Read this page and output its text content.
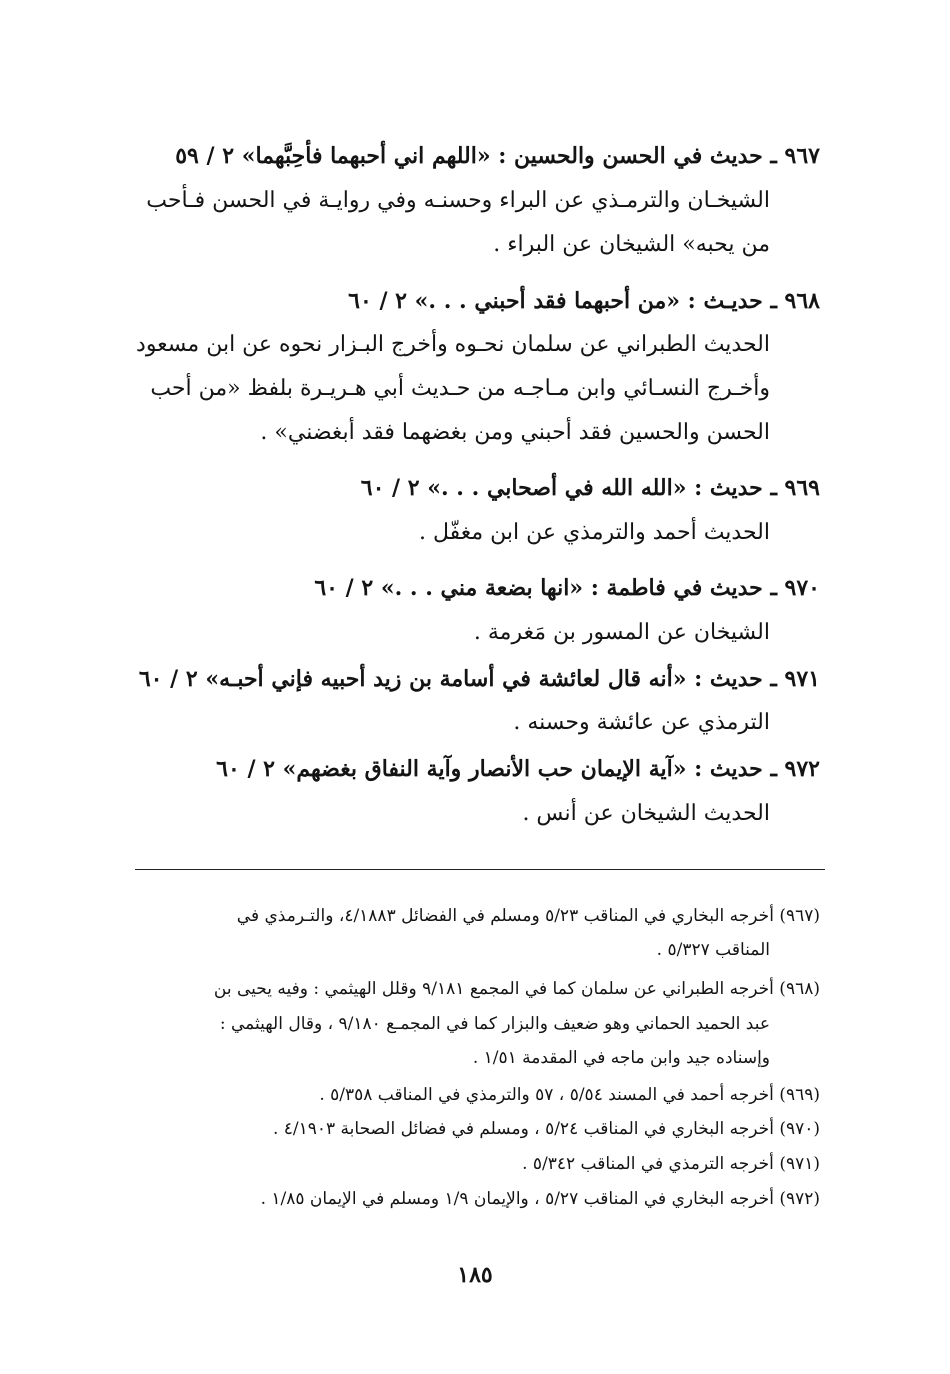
٩٦٧ ـ حديث في الحسن والحسين : «اللهم اني أحبهما فأحِبَّهما» ٢ / ٥٩
الشيخـان والترمـذي عن البراء وحسنـه وفي روايـة في الحسن فـأحب
من يحبه» الشيخان عن البراء .
٩٦٨ ـ حديـث : «من أحبهما فقد أحبني . . .» ٢ / ٦٠
الحديث الطبراني عن سلمان نحـوه وأخرج البـزار نحوه عن ابن مسعود
وأخـرج النسـائي وابن مـاجـه من حـديث أبي هـريـرة بلفظ «من أحب
الحسن والحسين فقد أحبني ومن بغضهما فقد أبغضني» .
٩٦٩ ـ حديث : «الله الله في أصحابي . . .» ٢ / ٦٠
الحديث أحمد والترمذي عن ابن مغفّل .
٩٧٠ ـ حديث في فاطمة : «انها بضعة مني . . .» ٢ / ٦٠
الشيخان عن المسور بن مَغرمة .
٩٧١ ـ حديث : «أنه قال لعائشة في أسامة بن زيد أحبيه فإني أحبـه» ٢ / ٦٠
الترمذي عن عائشة وحسنه .
٩٧٢ ـ حديث : «آية الإيمان حب الأنصار وآية النفاق بغضهم» ٢ / ٦٠
الحديث الشيخان عن أنس .
(٩٦٧) أخرجه البخاري في المناقب ٥/٢٣ ومسلم في الفضائل ٤/١٨٨٣، والتـرمذي في
المناقب ٥/٣٢٧ .
(٩٦٨) أخرجه الطبراني عن سلمان كما في المجمع ٩/١٨١ وقلل الهيثمي : وفيه يحيى بن
عبد الحميد الحماني وهو ضعيف والبزار كما في المجمـع ٩/١٨٠ ، وقال الهيثمي :
وإسناده جيد وابن ماجه في المقدمة ١/٥١ .
(٩٦٩) أخرجه أحمد في المسند ٥/٥٤ ، ٥٧ والترمذي في المناقب ٥/٣٥٨ .
(٩٧٠) أخرجه البخاري في المناقب ٥/٢٤ ، ومسلم في فضائل الصحابة ٤/١٩٠٣ .
(٩٧١) أخرجه الترمذي في المناقب ٥/٣٤٢ .
(٩٧٢) أخرجه البخاري في المناقب ٥/٢٧ ، والإيمان ١/٩ ومسلم في الإيمان ١/٨٥ .
١٨٥
